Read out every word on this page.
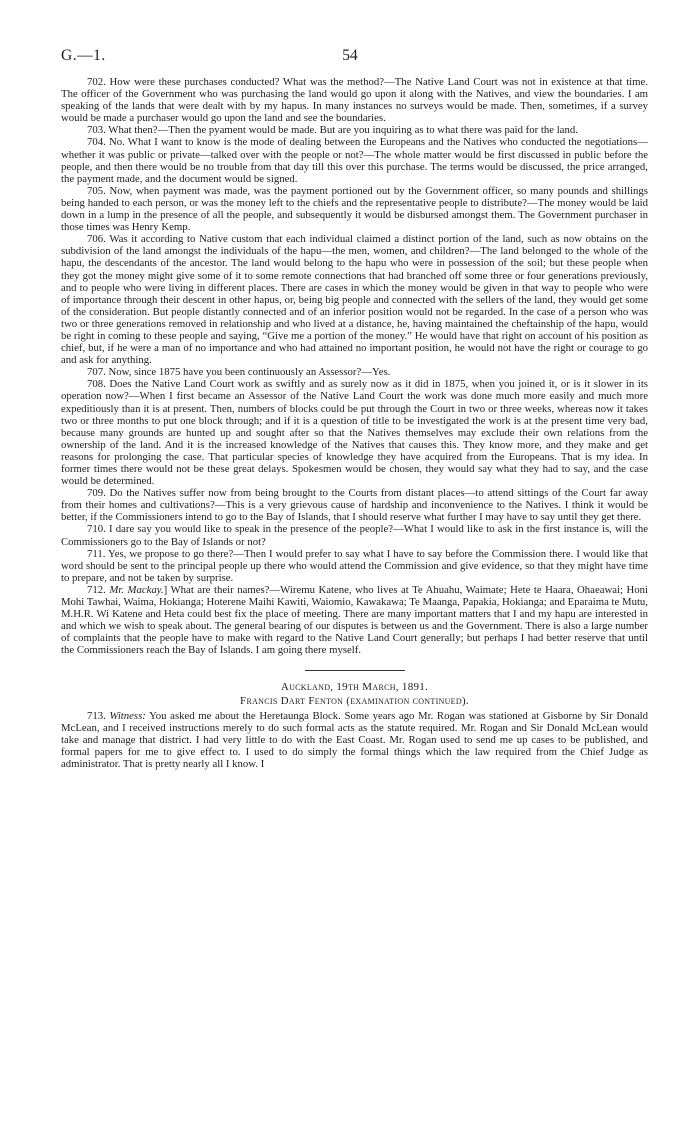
G.—1.	54

702. How were these purchases conducted? What was the method?—The Native Land Court was not in existence at that time. The officer of the Government who was purchasing the land would go upon it along with the Natives, and view the boundaries. I am speaking of the lands that were dealt with by my hapus. In many instances no surveys would be made. Then, sometimes, if a survey would be made a purchaser would go upon the land and see the boundaries.

703. What then?—Then the pyament would be made. But are you inquiring as to what there was paid for the land.

704. No. What I want to know is the mode of dealing between the Europeans and the Natives who conducted the negotiations—whether it was public or private—talked over with the people or not?—The whole matter would be first discussed in public before the people, and then there would be no trouble from that day till this over this purchase. The terms would be discussed, the price arranged, the payment made, and the document would be signed.

705. Now, when payment was made, was the payment portioned out by the Government officer, so many pounds and shillings being handed to each person, or was the money left to the chiefs and the representative people to distribute?—The money would be laid down in a lump in the presence of all the people, and subsequently it would be disbursed amongst them. The Government purchaser in those times was Henry Kemp.

706. Was it according to Native custom that each individual claimed a distinct portion of the land, such as now obtains on the subdivision of the land amongst the individuals of the hapu—the men, women, and children?—The land belonged to the whole of the hapu, the descendants of the ancestor. The land would belong to the hapu who were in possession of the soil; but these people when they got the money might give some of it to some remote connections that had branched off some three or four generations previously, and to people who were living in different places. There are cases in which the money would be given in that way to people who were of importance through their descent in other hapus, or, being big people and connected with the sellers of the land, they would get some of the consideration. But people distantly connected and of an inferior position would not be regarded. In the case of a person who was two or three generations removed in relationship and who lived at a distance, he, having maintained the cheftainship of the hapu, would be right in coming to these people and saying, “Give me a portion of the money.” He would have that right on account of his position as chief, but, if he were a man of no importance and who had attained no important position, he would not have the right or courage to go and ask for anything.

707. Now, since 1875 have you been continuously an Assessor?—Yes.

708. Does the Native Land Court work as swiftly and as surely now as it did in 1875, when you joined it, or is it slower in its operation now?—When I first became an Assessor of the Native Land Court the work was done much more easily and much more expeditiously than it is at present. Then, numbers of blocks could be put through the Court in two or three weeks, whereas now it takes two or three months to put one block through; and if it is a question of title to be investigated the work is at the present time very bad, because many grounds are hunted up and sought after so that the Natives themselves may exclude their own relations from the ownership of the land. And it is the increased knowledge of the Natives that causes this. They know more, and they make and get reasons for prolonging the case. That particular species of knowledge they have acquired from the Europeans. That is my idea. In former times there would not be these great delays. Spokesmen would be chosen, they would say what they had to say, and the case would be determined.

709. Do the Natives suffer now from being brought to the Courts from distant places—to attend sittings of the Court far away from their homes and cultivations?—This is a very grievous cause of hardship and inconvenience to the Natives. I think it would be better, if the Commissioners intend to go to the Bay of Islands, that I should reserve what further I may have to say until they get there.

710. I dare say you would like to speak in the presence of the people?—What I would like to ask in the first instance is, will the Commissioners go to the Bay of Islands or not?

711. Yes, we propose to go there?—Then I would prefer to say what I have to say before the Commission there. I would like that word should be sent to the principal people up there who would attend the Commission and give evidence, so that they might have time to prepare, and not be taken by surprise.

712. Mr. Mackay.] What are their names?—Wiremu Katene, who lives at Te Ahuahu, Waimate; Hete te Haara, Ohaeawai; Honi Mohi Tawhai, Waima, Hokianga; Hoterene Maihi Kawiti, Waiomio, Kawakawa; Te Maanga, Papakia, Hokianga; and Eparaima te Mutu, M.H.R. Wi Katene and Heta could best fix the place of meeting. There are many important matters that I and my hapu are interested in and which we wish to speak about. The general bearing of our disputes is between us and the Government. There is also a large number of complaints that the people have to make with regard to the Native Land Court generally; but perhaps I had better reserve that until the Commissioners reach the Bay of Islands. I am going there myself.

Auckland, 19th March, 1891.

Francis Dart Fenton (examination continued).

713. Witness: You asked me about the Heretaunga Block. Some years ago Mr. Rogan was stationed at Gisborne by Sir Donald McLean, and I received instructions merely to do such formal acts as the statute required. Mr. Rogan and Sir Donald McLean would take and manage that district. I had very little to do with the East Coast. Mr. Rogan used to send me up cases to be published, and formal papers for me to give effect to. I used to do simply the formal things which the law required from the Chief Judge as administrator. That is pretty nearly all I know. I
